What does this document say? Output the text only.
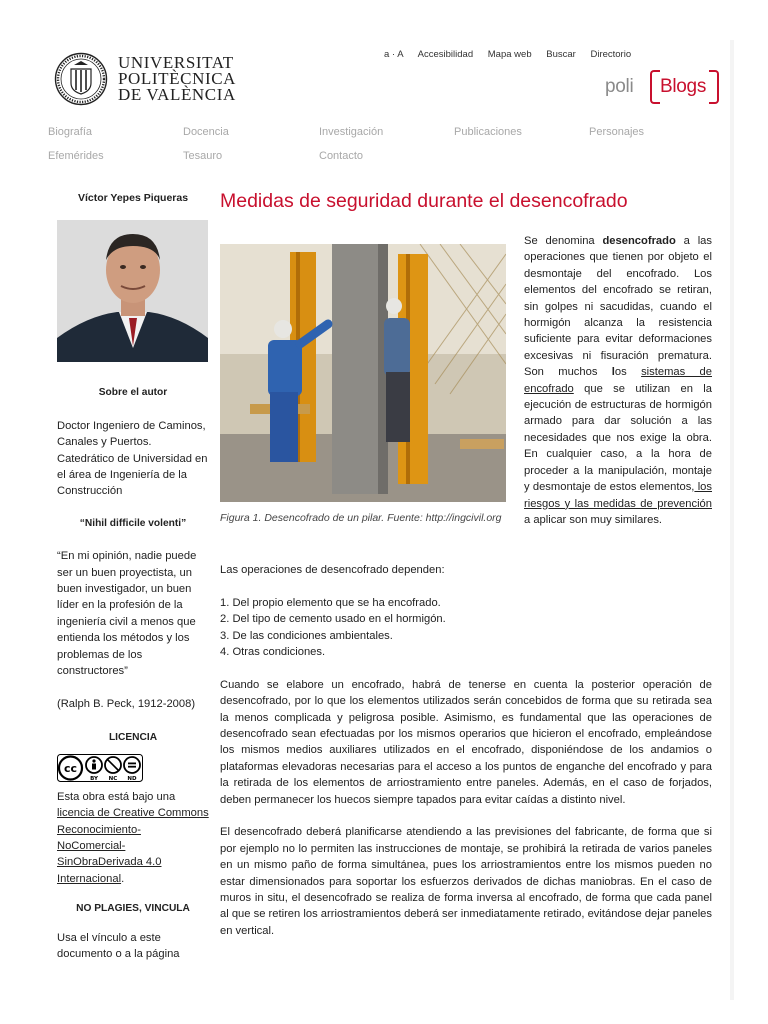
UNIVERSITAT
POLITÈCNICA
DE VALÈNCIA
a · A Accesibilidad Mapa web Buscar Directorio
poli Blogs
Biografía	Docencia	Investigación	Publicaciones	Personajes
Efemérides	Tesauro	Contacto
Víctor Yepes Piqueras
Sobre el autor
Doctor Ingeniero de Caminos, Canales y Puertos. Catedrático de Universidad en el área de Ingeniería de la Construcción
“Nihil difficile volenti”
“En mi opinión, nadie puede ser un buen proyectista, un buen investigador, un buen líder en la profesión de la ingeniería civil a menos que entienda los métodos y los problemas de los constructores”
(Ralph B. Peck, 1912-2008)
LICENCIA
cc
BY NC ND
Esta obra está bajo una licencia de Creative Commons Reconocimiento-NoComercial-SinObraDerivada 4.0 Internacional.
NO PLAGIES, VINCULA
Usa el vínculo a este documento o a la página
Medidas de seguridad durante el desencofrado
Figura 1. Desencofrado de un pilar. Fuente: http://ingcivil.org
Se denomina desencofrado a las operaciones que tienen por objeto el desmontaje del encofrado. Los elementos del encofrado se retiran, sin golpes ni sacudidas, cuando el hormigón alcanza la resistencia suficiente para evitar deformaciones excesivas ni fisuración prematura. Son muchos los sistemas de encofrado que se utilizan en la ejecución de estructuras de hormigón armado para dar solución a las necesidades que nos exige la obra. En cualquier caso, a la hora de proceder a la manipulación, montaje y desmontaje de estos elementos, los riesgos y las medidas de prevención a aplicar son muy similares.

Las operaciones de desencofrado dependen:

1. Del propio elemento que se ha encofrado.
2. Del tipo de cemento usado en el hormigón.
3. De las condiciones ambientales.
4. Otras condiciones.

Cuando se elabore un encofrado, habrá de tenerse en cuenta la posterior operación de desencofrado, por lo que los elementos utilizados serán concebidos de forma que su retirada sea la menos complicada y peligrosa posible. Asimismo, es fundamental que las operaciones de desencofrado sean efectuadas por los mismos operarios que hicieron el encofrado, empleándose los mismos medios auxiliares utilizados en el encofrado, disponiéndose de los andamios o plataformas elevadoras necesarias para el acceso a los puntos de enganche del encofrado y para la retirada de los elementos de arriostramiento entre paneles. Además, en el caso de forjados, deben permanecer los huecos siempre tapados para evitar caídas a distinto nivel.

El desencofrado deberá planificarse atendiendo a las previsiones del fabricante, de forma que si por ejemplo no lo permiten las instrucciones de montaje, se prohibirá la retirada de varios paneles en un mismo paño de forma simultánea, pues los arriostramientos entre los mismos pueden no estar dimensionados para soportar los esfuerzos derivados de dichas maniobras. En el caso de muros in situ, el desencofrado se realiza de forma inversa al encofrado, de forma que cada panel al que se retiren los arriostramientos deberá ser inmediatamente retirado, evitándose dejar paneles en vertical.
